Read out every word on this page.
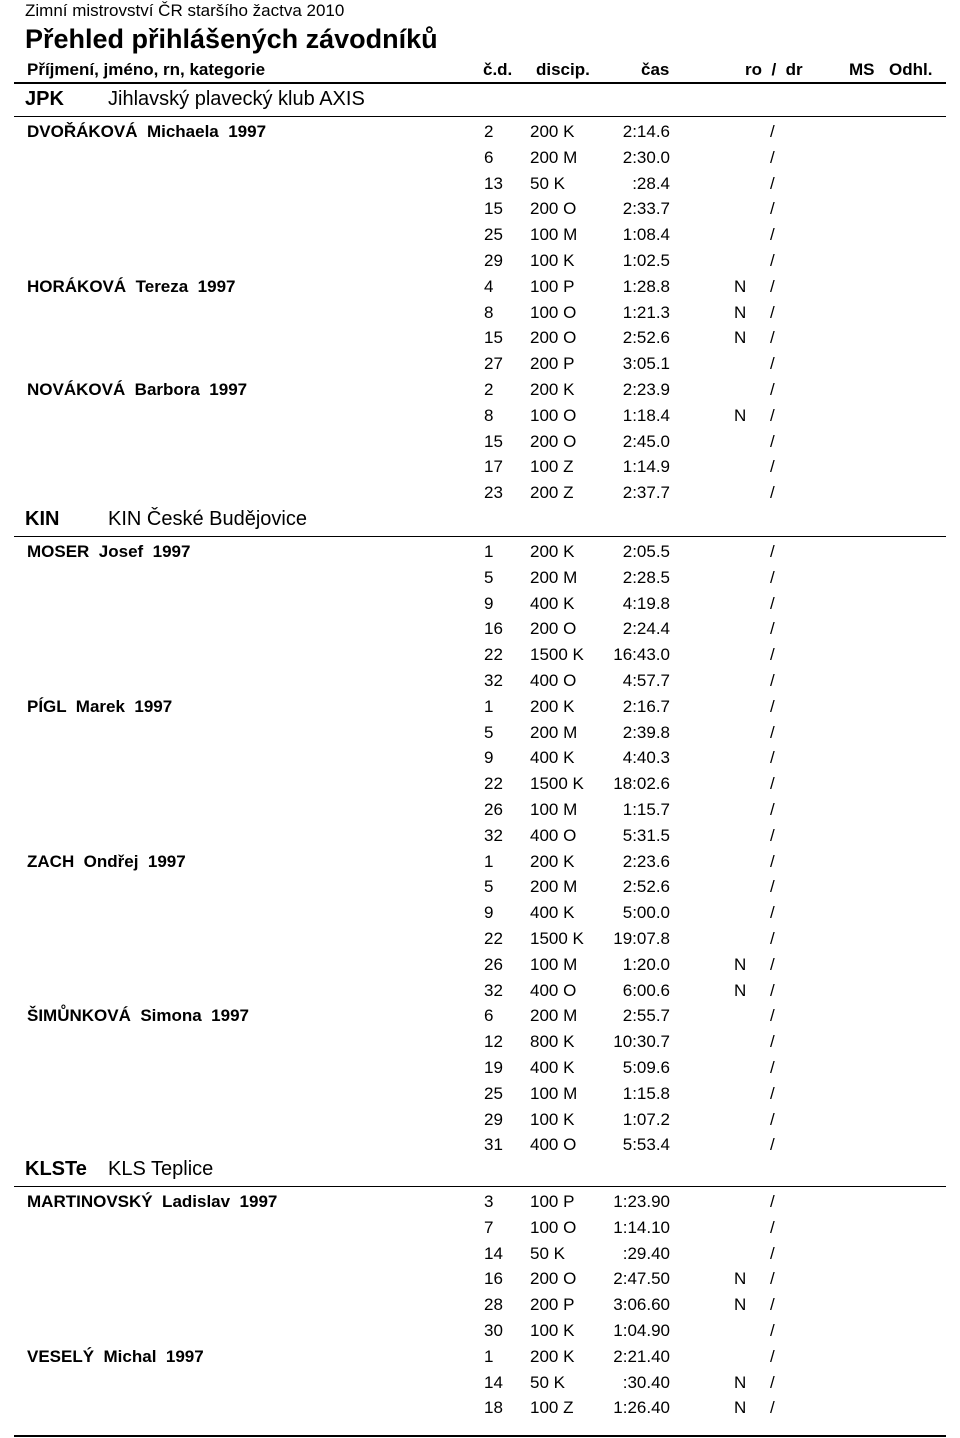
Zimní mistrovství ČR staršího žactva 2010
Přehled přihlášených závodníků
Příjmení, jméno, rn, kategorie	č.d. discip.	čas	ro  /  dr	MS Odhl.
JPK Jihlavský plavecký klub AXIS
DVOŘÁKOVÁ  Michaela  1997	2 200 K	2:14.6	/
6 200 M	2:30.0	/
13 50 K	:28.4	/
15 200 O	2:33.7	/
25 100 M	1:08.4	/
29 100 K	1:02.5	/
HORÁKOVÁ  Tereza  1997	4 100 P	1:28.8	N /
8 100 O	1:21.3	N /
15 200 O	2:52.6	N /
27 200 P	3:05.1	/
NOVÁKOVÁ  Barbora  1997	2 200 K	2:23.9	/
8 100 O	1:18.4	N /
15 200 O	2:45.0	/
17 100 Z	1:14.9	/
23 200 Z	2:37.7	/
KIN KIN České Budějovice
MOSER  Josef  1997	1 200 K	2:05.5	/
5 200 M	2:28.5	/
9 400 K	4:19.8	/
16 200 O	2:24.4	/
22 1500 K 16:43.0	/
32 400 O	4:57.7	/
PÍGL  Marek  1997	1 200 K	2:16.7	/
5 200 M	2:39.8	/
9 400 K	4:40.3	/
22 1500 K 18:02.6	/
26 100 M	1:15.7	/
32 400 O	5:31.5	/
ZACH  Ondřej  1997	1 200 K	2:23.6	/
5 200 M	2:52.6	/
9 400 K	5:00.0	/
22 1500 K 19:07.8	/
26 100 M	1:20.0	N /
32 400 O	6:00.6	N /
ŠIMŮNKOVÁ  Simona  1997	6 200 M	2:55.7	/
12 800 K 10:30.7	/
19 400 K	5:09.6	/
25 100 M	1:15.8	/
29 100 K	1:07.2	/
31 400 O	5:53.4	/
KLSTe KLS Teplice
MARTINOVSKÝ  Ladislav  1997	3 100 P 1:23.90	/
7 100 O 1:14.10	/
14 50 K	:29.40	/
16 200 O 2:47.50	N /
28 200 P 3:06.60	N /
30 100 K 1:04.90	/
VESELÝ  Michal  1997	1 200 K 2:21.40	/
14 50 K	:30.40	N /
18 100 Z 1:26.40	N /
